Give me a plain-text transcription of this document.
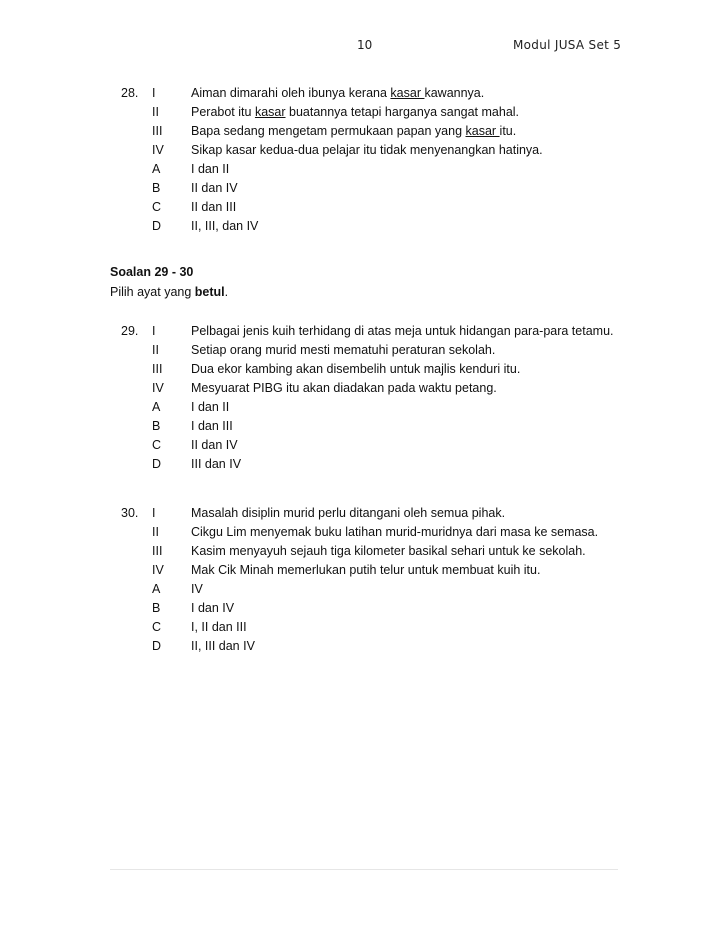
10	Modul JUSA Set 5
28.	I	Aiman dimarahi oleh ibunya kerana kasar kawannya.
II	Perabot itu kasar buatannya tetapi harganya sangat mahal.
III	Bapa sedang mengetam permukaan papan yang kasar itu.
IV	Sikap kasar kedua-dua pelajar itu tidak menyenangkan hatinya.
A	I dan II
B	II dan IV
C	II dan III
D	II, III, dan IV
Soalan 29 - 30
Pilih ayat yang betul.
29.	I	Pelbagai jenis kuih terhidang di atas meja untuk hidangan para-para tetamu.
II	Setiap orang murid mesti mematuhi peraturan sekolah.
III	Dua ekor kambing akan disembelih untuk majlis kenduri itu.
IV	Mesyuarat PIBG itu akan diadakan pada waktu petang.
A	I dan II
B	I dan III
C	II dan IV
D	III dan IV
30.	I	Masalah disiplin murid perlu ditangani oleh semua pihak.
II	Cikgu Lim menyemak buku latihan murid-muridnya dari masa ke semasa.
III	Kasim menyayuh sejauh tiga kilometer basikal sehari untuk ke sekolah.
IV	Mak Cik Minah memerlukan putih telur untuk membuat kuih itu.
A	IV
B	I dan IV
C	I, II dan III
D	II, III dan IV
